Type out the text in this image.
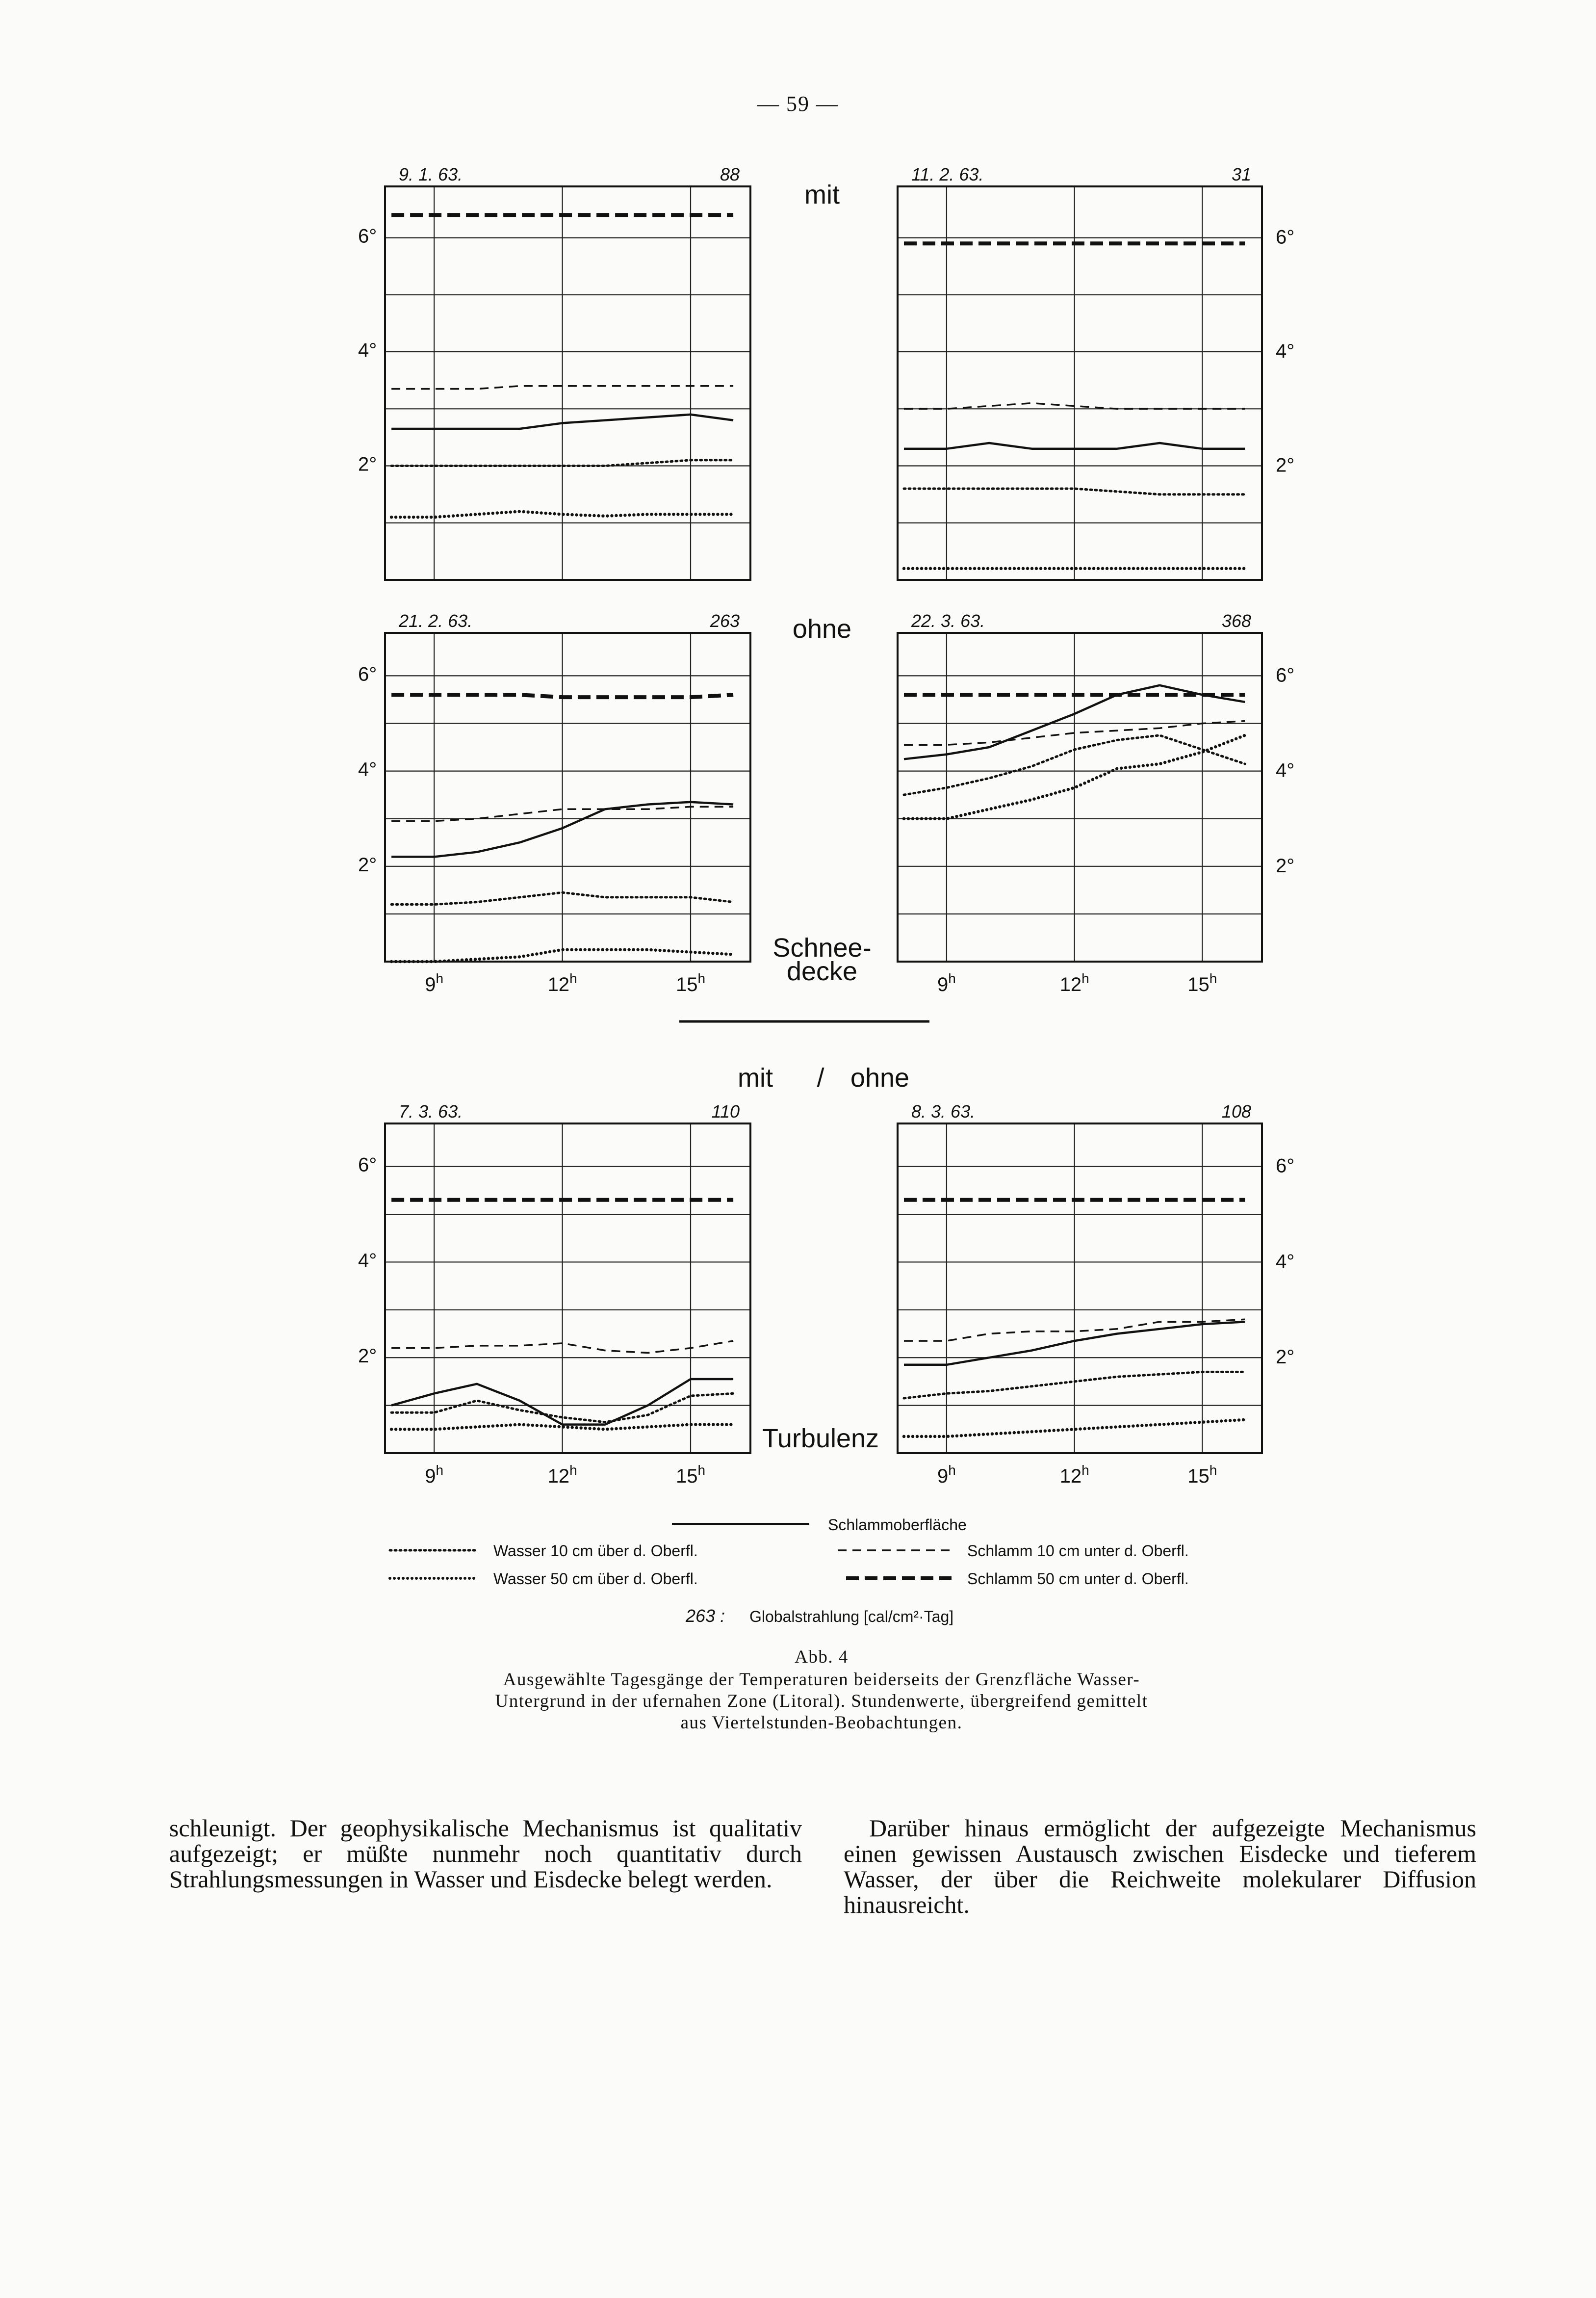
— 59 —
9. 1. 63.	88
2°
4°
6°
11. 2. 63.	31
2°
4°
6°
21. 2. 63.	263
2°
4°
6°
9$^h$	12$^h$	15$^h$
22. 3. 63.	368
2°
4°
6°
9$^h$	12$^h$	15$^h$
7. 3. 63.	110
2°
4°
6°
9$^h$	12$^h$	15$^h$
8. 3. 63.	108
2°
4°
6°
9$^h$	12$^h$	15$^h$
mit
ohne
Schnee-
decke
mit / ohne
Turbulenz
Schlammoberfläche
Wasser 10 cm über d. Oberfl.
Wasser 50 cm über d. Oberfl.
Schlamm 10 cm unter d. Oberfl.
Schlamm 50 cm unter d. Oberfl.
263 : Globalstrahlung [cal/cm²·Tag]
Abb. 4
Ausgewählte Tagesgänge der Temperaturen beiderseits der Grenzfläche Wasser-Untergrund in der ufernahen Zone (Litoral). Stundenwerte, übergreifend gemittelt aus Viertelstunden-Beobachtungen.

schleunigt. Der geophysikalische Mechanismus ist qualitativ aufgezeigt; er müßte nunmehr noch quantitativ durch Strahlungsmessungen in Wasser und Eisdecke belegt werden.

Darüber hinaus ermöglicht der aufgezeigte Mechanismus einen gewissen Austausch zwischen Eisdecke und tieferem Wasser, der über die Reichweite molekularer Diffusion hinausreicht.
